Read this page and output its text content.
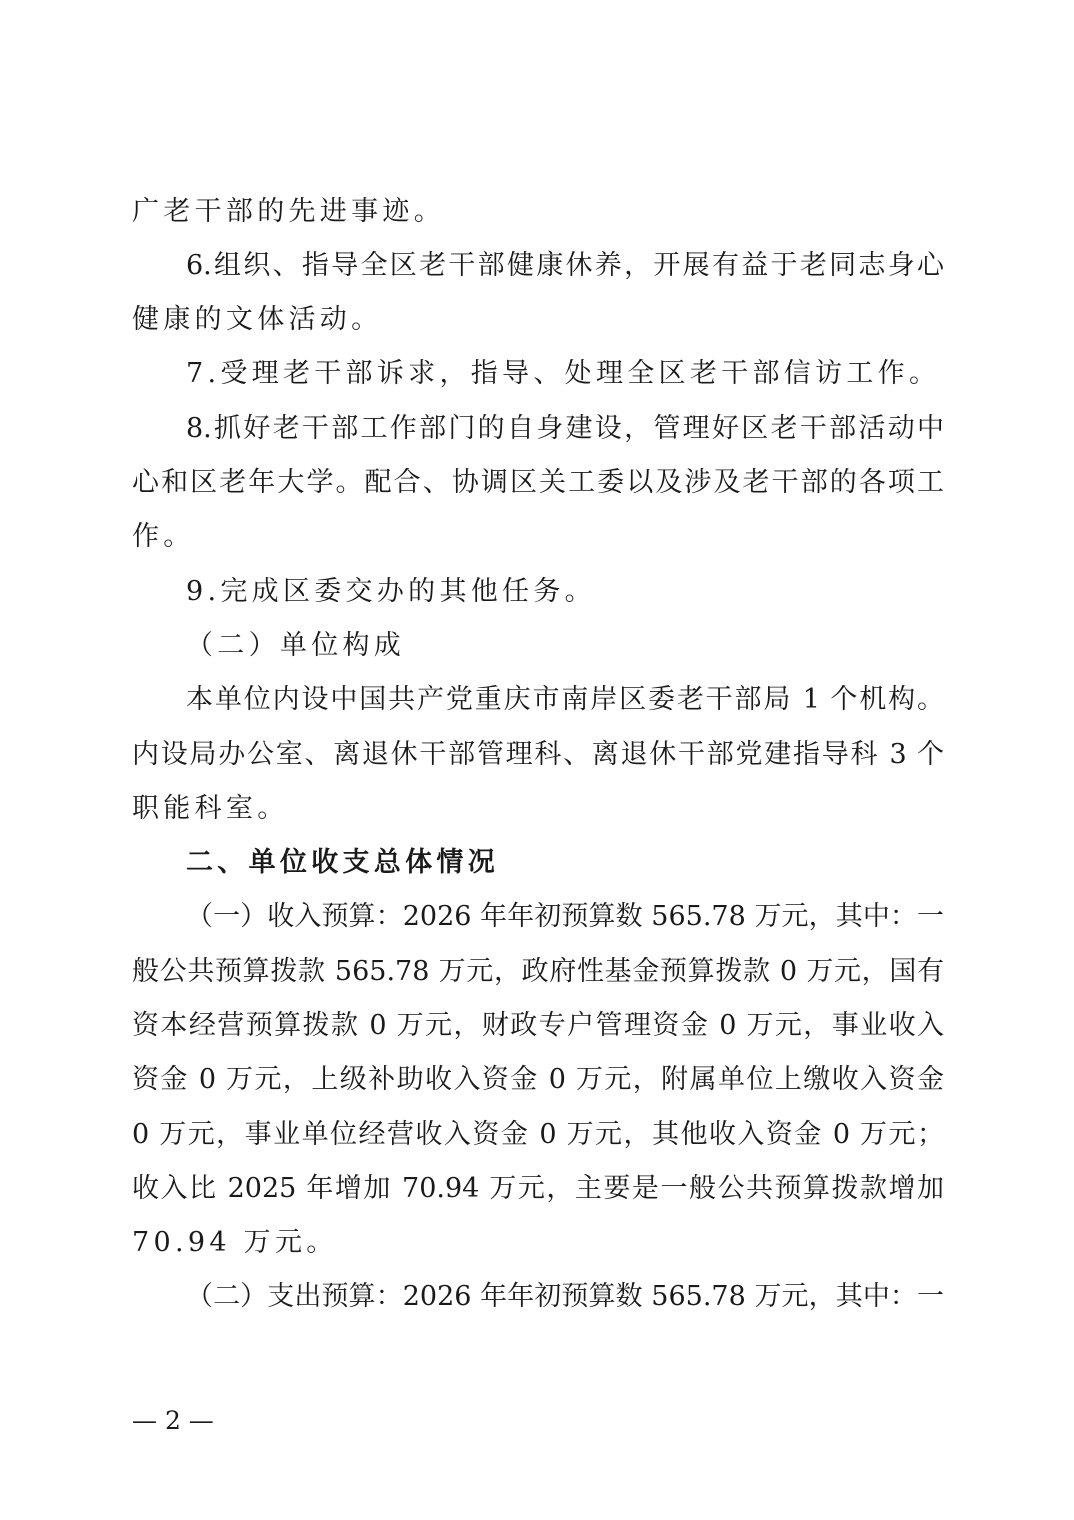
广老干部的先进事迹。
6.组织、指导全区老干部健康休养，开展有益于老同志身心
健康的文体活动。
7.受理老干部诉求，指导、处理全区老干部信访工作。
8.抓好老干部工作部门的自身建设，管理好区老干部活动中
心和区老年大学。配合、协调区关工委以及涉及老干部的各项工
作。
9.完成区委交办的其他任务。
（二）单位构成
本单位内设中国共产党重庆市南岸区委老干部局 1 个机构。
内设局办公室、离退休干部管理科、离退休干部党建指导科 3 个
职能科室。
二、单位收支总体情况
（一）收入预算：2026 年年初预算数 565.78 万元，其中：一
般公共预算拨款 565.78 万元，政府性基金预算拨款 0 万元，国有
资本经营预算拨款 0 万元，财政专户管理资金 0 万元，事业收入
资金 0 万元，上级补助收入资金 0 万元，附属单位上缴收入资金
0 万元，事业单位经营收入资金 0 万元，其他收入资金 0 万元；
收入比 2025 年增加 70.94 万元，主要是一般公共预算拨款增加
70.94 万元。
（二）支出预算：2026 年年初预算数 565.78 万元，其中：一
— 2 —
